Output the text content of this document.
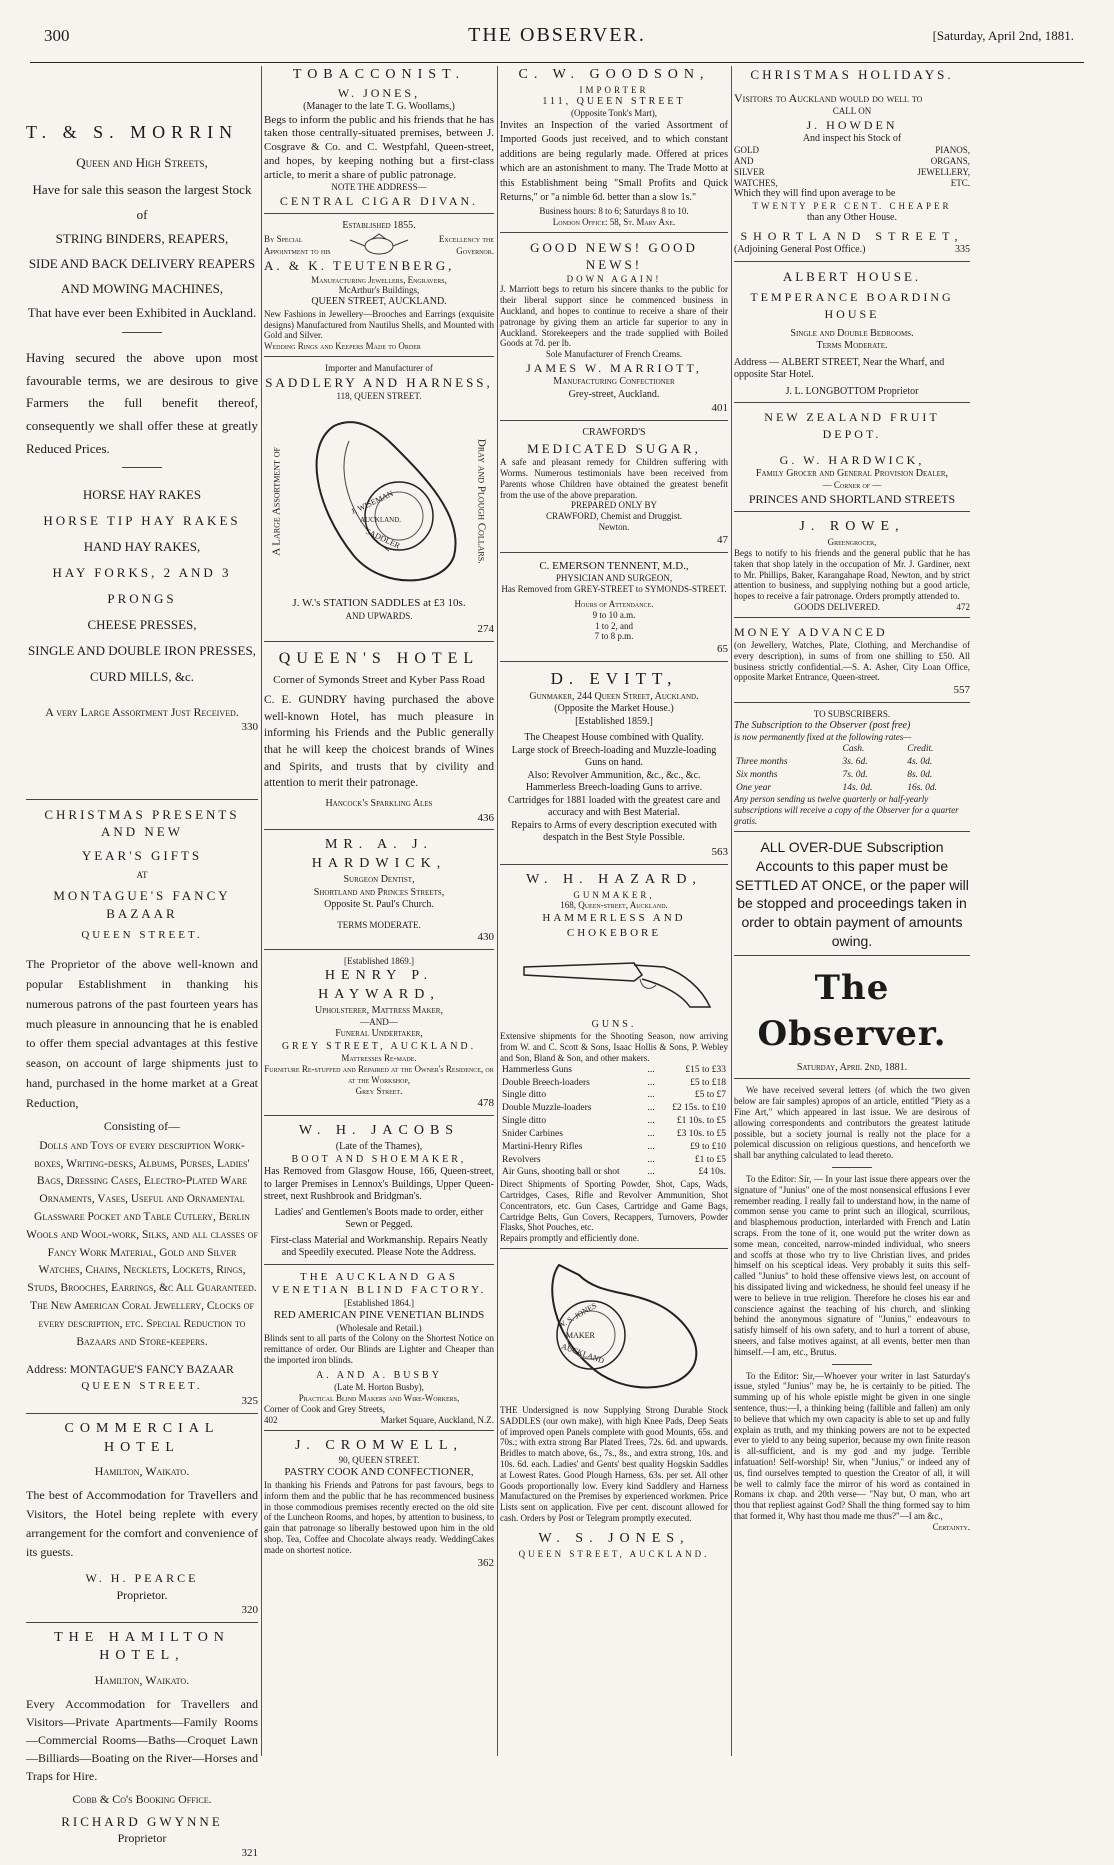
300	THE OBSERVER.	[Saturday, April 2nd, 1881.
T. & S. MORRIN
Queen and High Streets,
Have for sale this season the largest Stock of
STRING BINDERS, REAPERS,
SIDE AND BACK DELIVERY REAPERS
AND MOWING MACHINES,
That have ever been Exhibited in Auckland.
Having secured the above upon most favourable terms, we are desirous to give Farmers the full benefit thereof, consequently we shall offer these at greatly Reduced Prices.
HORSE HAY RAKES
HORSE TIP HAY RAKES
HAND HAY RAKES,
HAY FORKS, 2 AND 3 PRONGS
CHEESE PRESSES,
SINGLE AND DOUBLE IRON PRESSES,
CURD MILLS, &c.
A very Large Assortment Just Received.
330
CHRISTMAS PRESENTS AND NEW
YEAR'S GIFTS
AT
MONTAGUE'S FANCY BAZAAR
QUEEN STREET.
The Proprietor of the above well-known and popular Establishment in thanking his numerous patrons of the past fourteen years has much pleasure in announcing that he is enabled to offer them special advantages at this festive season, on account of large shipments just to hand, purchased in the home market at a Great Reduction,
Consisting of—
Dolls and Toys of every description Work-boxes, Writing-desks, Albums, Purses, Ladies' Bags, Dressing Cases, Electro-Plated Ware Ornaments, Vases, Useful and Ornamental Glassware Pocket and Table Cutlery, Berlin Wools and Wool-work, Silks, and all classes of Fancy Work Material, Gold and Silver Watches, Chains, Necklets, Lockets, Rings, Studs, Brooches, Earrings, &c All Guaranteed. The New American Coral Jewellery, Clocks of every description, etc. Special Reduction to Bazaars and Store-keepers.
Address: MONTAGUE'S FANCY BAZAAR
QUEEN STREET.
325
COMMERCIAL HOTEL
Hamilton, Waikato.
The best of Accommodation for Travellers and Visitors, the Hotel being replete with every arrangement for the comfort and convenience of its guests.
W. H. PEARCE
Proprietor.
320
THE HAMILTON HOTEL,
Hamilton, Waikato.
Every Accommodation for Travellers and Visitors—Private Apartments—Family Rooms —Commercial Rooms—Baths—Croquet Lawn —Billiards—Boating on the River—Horses and Traps for Hire.
Cobb & Co's Booking Office.
RICHARD GWYNNE
Proprietor
321
TOBACCONIST.
W. JONES,
(Manager to the late T. G. Woollams,)
Begs to inform the public and his friends that he has taken those centrally-situated premises, between J. Cosgrave & Co. and C. Westpfahl, Queen-street, and hopes, by keeping nothing but a first-class article, to merit a share of public patronage.
NOTE THE ADDRESS—
CENTRAL CIGAR DIVAN.
Established 1855.
By Special Appointment to his
Excellency the Governor.
A. & K. TEUTENBERG,
Manufacturing Jewellers, Engravers,
McArthur's Buildings,
QUEEN STREET, AUCKLAND.
New Fashions in Jewellery—Brooches and Earrings (exquisite designs) Manufactured from Nautilus Shells, and Mounted with Gold and Silver.
Wedding Rings and Keepers Made to Order
Importer and Manufacturer of
SADDLERY AND HARNESS,
118, QUEEN STREET.
A Large Assortment of	Dray and Plough Collars.
J. WISEMAN
AUCKLAND.
SADDLER
J. W.'s STATION SADDLES at £3 10s.
AND UPWARDS.
274
QUEEN'S HOTEL
Corner of Symonds Street and Kyber Pass Road
C. E. GUNDRY having purchased the above well-known Hotel, has much pleasure in informing his Friends and the Public generally that he will keep the choicest brands of Wines and Spirits, and trusts that by civility and attention to merit their patronage.
Hancock's Sparkling Ales
436
MR. A. J. HARDWICK,
Surgeon Dentist,
Shortland and Princes Streets,
Opposite St. Paul's Church.
TERMS MODERATE.
430
[Established 1869.]
HENRY P. HAYWARD,
Upholsterer, Mattress Maker,
—AND—
Funeral Undertaker,
GREY STREET, AUCKLAND.
Mattresses Re-made.
Furniture Re-stuffed and Repaired at the Owner's Residence, or at the Workshop,
Grey Street.
478
W. H. JACOBS
(Late of the Thames),
BOOT AND SHOEMAKER,
Has Removed from Glasgow House, 166, Queen-street, to larger Premises in Lennox's Buildings, Upper Queen-street, next Rushbrook and Bridgman's.
Ladies' and Gentlemen's Boots made to order, either Sewn or Pegged.
First-class Material and Workmanship. Repairs Neatly and Speedily executed. Please Note the Address.
THE AUCKLAND GAS VENETIAN BLIND FACTORY.
[Established 1864.]
RED AMERICAN PINE VENETIAN BLINDS
(Wholesale and Retail.)
Blinds sent to all parts of the Colony on the Shortest Notice on remittance of order. Our Blinds are Lighter and Cheaper than the imported iron blinds.
A. AND A. BUSBY
(Late M. Horton Busby),
Practical Blind Makers and Wire-Workers,
Corner of Cook and Grey Streets,
402	Market Square, Auckland, N.Z.
J. CROMWELL,
90, QUEEN STREET.
PASTRY COOK AND CONFECTIONER,
In thanking his Friends and Patrons for past favours, begs to inform them and the public that he has recommenced business in those commodious premises recently erected on the old site of the Luncheon Rooms, and hopes, by attention to business, to gain that patronage so liberally bestowed upon him in the old shop. Tea, Coffee and Chocolate always ready. WeddingCakes made on shortest notice.
362
C. W. GOODSON,
IMPORTER
111, QUEEN STREET
(Opposite Tonk's Mart),
Invites an Inspection of the varied Assortment of Imported Goods just received, and to which constant additions are being regularly made. Offered at prices which are an astonishment to many. The Trade Motto at this Establishment being "Small Profits and Quick Returns," or "a nimble 6d. better than a slow 1s."
Business hours: 8 to 6; Saturdays 8 to 10.
London Office: 58, St. Mary Axe.
GOOD NEWS! GOOD NEWS!
DOWN AGAIN!
J. Marriott begs to return his sincere thanks to the public for their liberal support since he commenced business in Auckland, and hopes to continue to receive a share of their patronage by giving them an article far superior to any in Auckland. Storekeepers and the trade supplied with Boiled Goods at 7d. per lb.
Sole Manufacturer of French Creams.
JAMES W. MARRIOTT,
Manufacturing Confectioner
Grey-street, Auckland.
401
CRAWFORD'S
MEDICATED SUGAR,
A safe and pleasant remedy for Children suffering with Worms. Numerous testimonials have been received from Parents whose Children have obtained the greatest benefit from the use of the above preparation.
PREPARED ONLY BY
CRAWFORD, Chemist and Druggist.
Newton.
47
C. EMERSON TENNENT, M.D.,
PHYSICIAN AND SURGEON,
Has Removed from GREY-STREET to SYMONDS-STREET.
Hours of Attendance.
9 to 10 a.m.
1 to 2, and
7 to 8 p.m.
65
D. EVITT,
Gunmaker, 244 Queen Street, Auckland.
(Opposite the Market House.)
[Established 1859.]
The Cheapest House combined with Quality.
Large stock of Breech-loading and Muzzle-loading Guns on hand.
Also: Revolver Ammunition, &c., &c., &c.
Hammerless Breech-loading Guns to arrive.
Cartridges for 1881 loaded with the greatest care and accuracy and with Best Material.
Repairs to Arms of every description executed with despatch in the Best Style Possible.
563
W. H. HAZARD,
GUNMAKER,
168, Queen-street, Auckland.
HAMMERLESS AND CHOKEBORE
GUNS.
Extensive shipments for the Shooting Season, now arriving from W. and C. Scott & Sons, Isaac Hollis & Sons, P. Webley and Son, Bland & Son, and other makers.
Hammerless Guns	...	£15 to £33
Double Breech-loaders	...	£5 to £18
Single ditto	...	£5 to £7
Double Muzzle-loaders	...	£2 15s. to £10
Single ditto	...	£1 10s. to £5
Snider Carbines	...	£3 10s. to £5
Martini-Henry Rifles	...	£9 to £10
Revolvers	...	£1 to £5
Air Guns, shooting ball or shot	...	£4 10s.
Direct Shipments of Sporting Powder, Shot, Caps, Wads, Cartridges, Cases, Rifle and Revolver Ammunition, Shot Concentrators, etc. Gun Cases, Cartridge and Game Bags, Cartridge Belts, Gun Covers, Recappers, Turnovers, Powder Flasks, Shot Pouches, etc.
Repairs promptly and efficiently done.
W. S. JONES
MAKER
AUCKLAND
THE Undersigned is now Supplying Strong Durable Stock SADDLES (our own make), with high Knee Pads, Deep Seats of improved open Panels complete with good Mounts, 65s. and 70s.; with extra strong Bar Plated Trees, 72s. 6d. and upwards. Bridles to match above, 6s., 7s., 8s., and extra strong, 10s. and 10s. 6d. each. Ladies' and Gents' best quality Hogskin Saddles at Lowest Rates. Good Plough Harness, 63s. per set. All other Goods proportionally low. Every kind Saddlery and Harness Manufactured on the Premises by experienced workmen. Price Lists sent on application. Five per cent. discount allowed for cash. Orders by Post or Telegram promptly executed.
W. S. JONES,
QUEEN STREET, AUCKLAND.
CHRISTMAS HOLIDAYS.
Visitors to Auckland would do well to
CALL ON
J. HOWDEN
And inspect his Stock of
GOLD	PIANOS,
AND	ORGANS,
SILVER	JEWELLERY,
WATCHES,	ETC.
Which they will find upon average to be
TWENTY PER CENT. CHEAPER
than any Other House.
SHORTLAND STREET,
(Adjoining General Post Office.)	335
ALBERT HOUSE.
TEMPERANCE BOARDING HOUSE
Single and Double Bedrooms.
Terms Moderate.
Address — ALBERT STREET, Near the Wharf, and opposite Star Hotel.
J. L. LONGBOTTOM Proprietor
NEW ZEALAND FRUIT DEPOT.
G. W. HARDWICK,
Family Grocer and General Provision Dealer,
— Corner of —
PRINCES AND SHORTLAND STREETS
J. ROWE,
Greengrocer,
Begs to notify to his friends and the general public that he has taken that shop lately in the occupation of Mr. J. Gardiner, next to Mr. Phillips, Baker, Karangahape Road, Newton, and by strict attention to business, and supplying nothing but a good article, hopes to receive a fair patronage. Orders promptly attended to.
GOODS DELIVERED.	472
MONEY ADVANCED
(on Jewellery, Watches, Plate, Clothing, and Merchandise of every description), in sums of from one shilling to £50. All business strictly confidential.—S. A. Asher, City Loan Office, opposite Market Entrance, Queen-street.
557
TO SUBSCRIBERS.
The Subscription to the Observer (post free)
is now permanently fixed at the following rates—
	Cash.	Credit.
Three months	3s. 6d.	4s. 0d.
Six months	7s. 0d.	8s. 0d.
One year	14s. 0d.	16s. 0d.
Any person sending us twelve quarterly or half-yearly subscriptions will receive a copy of the Observer for a quarter gratis.
ALL OVER-DUE Subscription Accounts to this paper must be SETTLED AT ONCE, or the paper will be stopped and proceedings taken in order to obtain payment of amounts owing.
The Observer.
Saturday, April 2nd, 1881.
We have received several letters (of which the two given below are fair samples) apropos of an article, entitled "Piety as a Fine Art," which appeared in last issue. We are desirous of allowing correspondents and contributors the greatest latitude possible, but a society journal is really not the place for a polemical discussion on religious questions, and henceforth we shall bar anything calculated to lead thereto.
To the Editor: Sir, — In your last issue there appears over the signature of "Junius" one of the most nonsensical effusions I ever remember reading. I really fail to understand how, in the name of common sense you came to print such an illogical, scurrilous, and blasphemous production, interlarded with French and Latin scraps. From the tone of it, one would put the writer down as some mean, conceited, narrow-minded individual, who sneers and scoffs at those who try to live Christian lives, and prides himself on his sceptical ideas. Very probably it suits this self-called "Junius" to hold these offensive views lest, on account of his dissipated living and wickedness, he should feel uneasy if he were to believe in true religion. Therefore he closes his ear and conscience against the teaching of his church, and slinking behind the anonymous signature of "Junius," endeavours to satisfy himself of his own safety, and to hurl a torrent of abuse, sneers, and false motives against, at all events, better men than himself.—I am, etc., Brutus.
To the Editor: Sir,—Whoever your writer in last Saturday's issue, styled "Junius" may be, he is certainly to be pitied. The summing up of his whole epistle might be given in one single sentence, thus:—I, a thinking being (fallible and fallen) am only to believe that which my own capacity is able to set up and fully explain as truth, and my thinking powers are not to be expected ever to yield to any being superior, because my own finite reason is all-sufficient, and is my god and my judge. Terrible infatuation! Self-worship! Sir, when "Junius," or indeed any of us, find ourselves tempted to question the Creator of all, it will be well to calmly face the mirror of his word as contained in Romans ix chap. and 20th verse— "Nay but, O man, who art thou that repliest against God? Shall the thing formed say to him that formed it, Why hast thou made me thus?"—I am &c.,
Certainty.
